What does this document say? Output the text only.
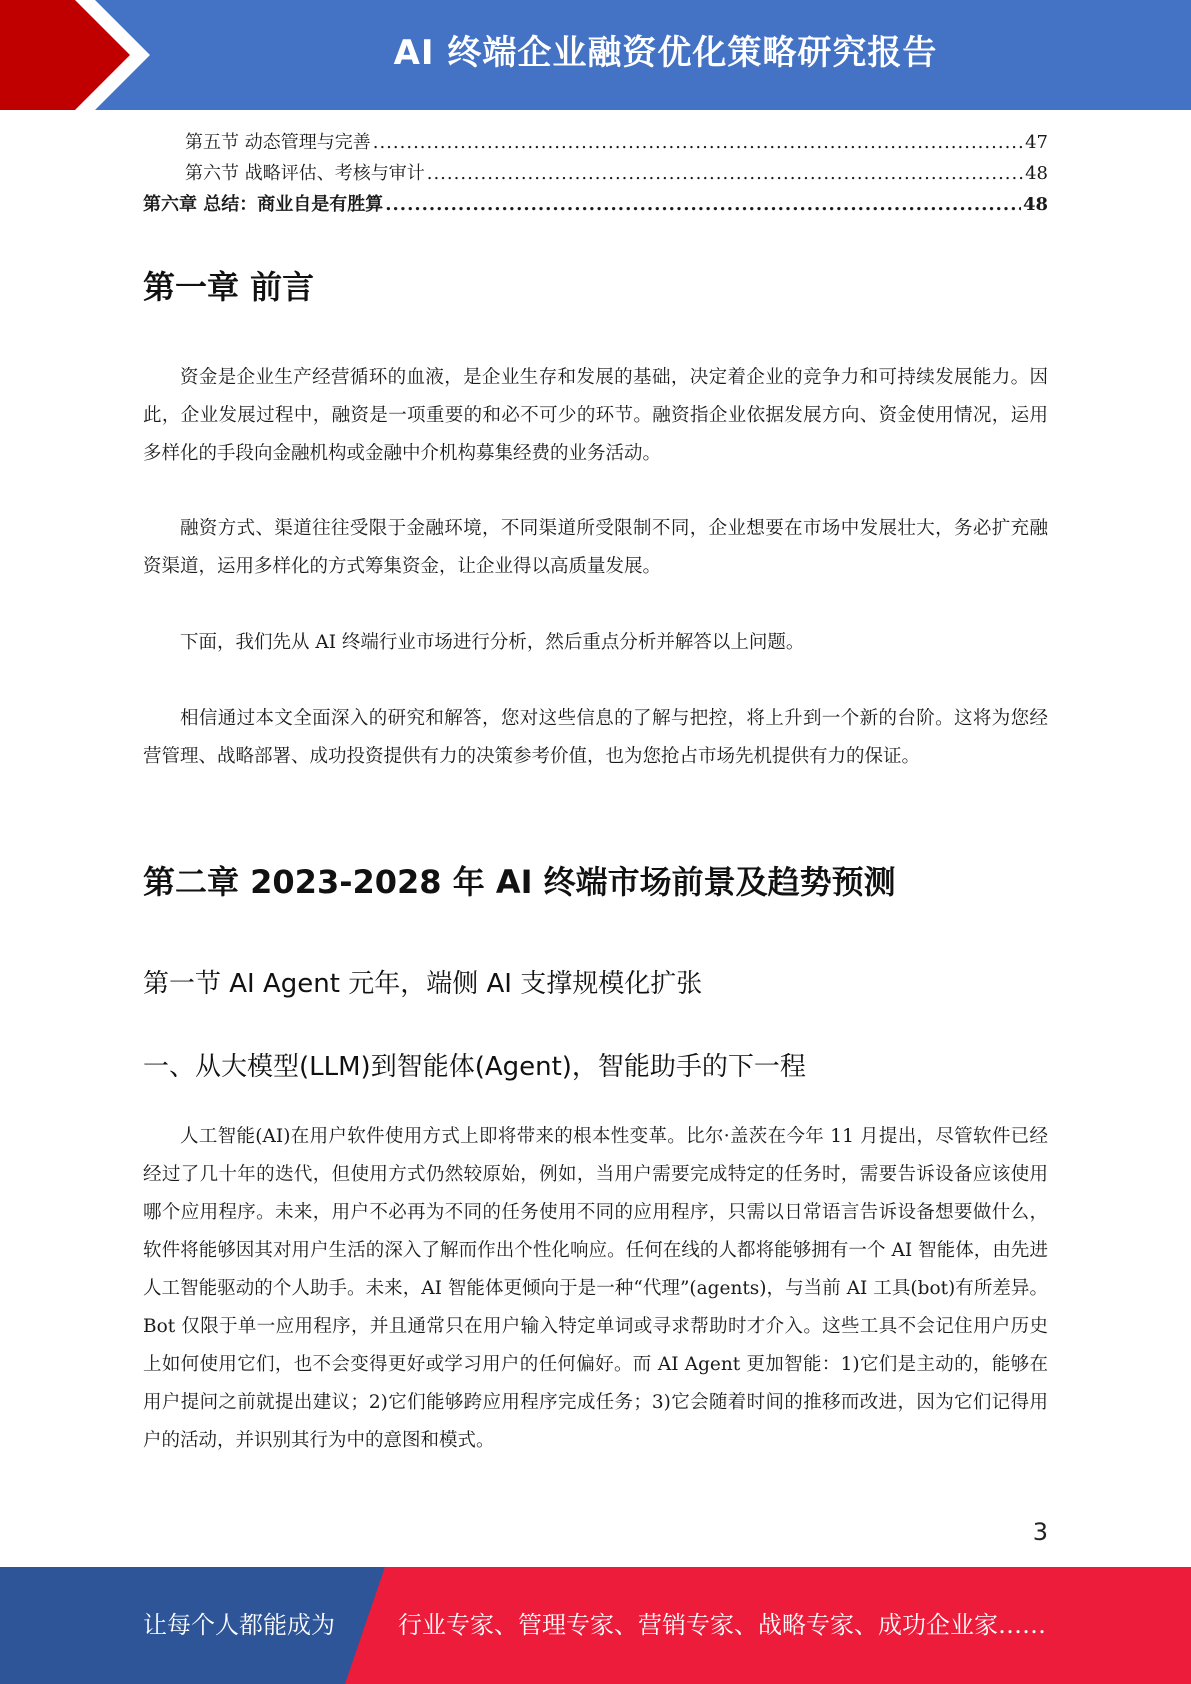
AI 终端企业融资优化策略研究报告
第五节 动态管理与完善 .....	47
第六节 战略评估、考核与审计 .....	48
第六章 总结：商业自是有胜算 .....	48
第一章 前言
资金是企业生产经营循环的血液，是企业生存和发展的基础，决定着企业的竞争力和可持续发展能力。因此，企业发展过程中，融资是一项重要的和必不可少的环节。融资指企业依据发展方向、资金使用情况，运用多样化的手段向金融机构或金融中介机构募集经费的业务活动。
融资方式、渠道往往受限于金融环境，不同渠道所受限制不同，企业想要在市场中发展壮大，务必扩充融资渠道，运用多样化的方式筹集资金，让企业得以高质量发展。
下面，我们先从 AI 终端行业市场进行分析，然后重点分析并解答以上问题。
相信通过本文全面深入的研究和解答，您对这些信息的了解与把控，将上升到一个新的台阶。这将为您经营管理、战略部署、成功投资提供有力的决策参考价值，也为您抢占市场先机提供有力的保证。
第二章 2023-2028 年 AI 终端市场前景及趋势预测
第一节 AI Agent 元年，端侧 AI 支撑规模化扩张
一、从大模型(LLM)到智能体(Agent)，智能助手的下一程
人工智能(AI)在用户软件使用方式上即将带来的根本性变革。比尔·盖茨在今年 11 月提出，尽管软件已经经过了几十年的迭代，但使用方式仍然较原始，例如，当用户需要完成特定的任务时，需要告诉设备应该使用哪个应用程序。未来，用户不必再为不同的任务使用不同的应用程序，只需以日常语言告诉设备想要做什么，软件将能够因其对用户生活的深入了解而作出个性化响应。任何在线的人都将能够拥有一个 AI 智能体，由先进人工智能驱动的个人助手。未来，AI 智能体更倾向于是一种“代理”(agents)，与当前 AI 工具(bot)有所差异。Bot 仅限于单一应用程序，并且通常只在用户输入特定单词或寻求帮助时才介入。这些工具不会记住用户历史上如何使用它们，也不会变得更好或学习用户的任何偏好。而 AI Agent 更加智能：1)它们是主动的，能够在用户提问之前就提出建议；2)它们能够跨应用程序完成任务；3)它会随着时间的推移而改进，因为它们记得用户的活动，并识别其行为中的意图和模式。
3
让每个人都能成为	行业专家、管理专家、营销专家、战略专家、成功企业家……
